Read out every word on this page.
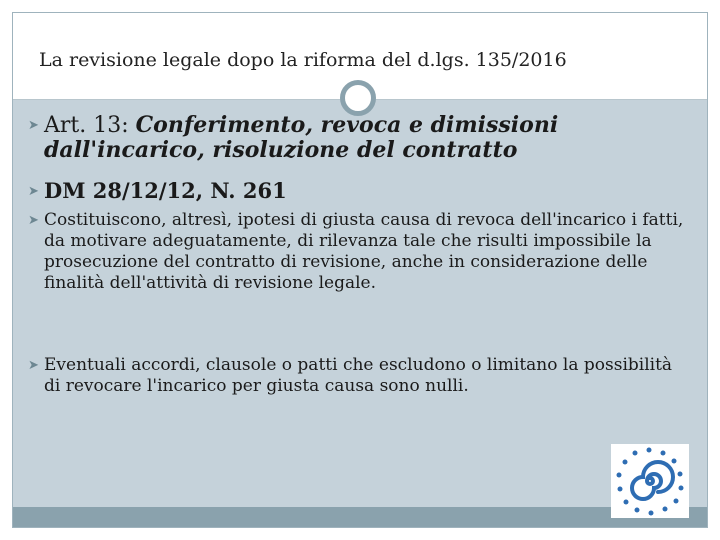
La revisione legale dopo la riforma del d.lgs. 135/2016
➤ Art. 13: Conferimento, revoca e dimissioni dall'incarico, risoluzione del contratto
➤ DM 28/12/12, N. 261
➤ Costituiscono, altresì, ipotesi di giusta causa di revoca dell'incarico i fatti, da motivare adeguatamente, di rilevanza tale che risulti impossibile la prosecuzione del contratto di revisione, anche in considerazione delle finalità dell'attività di revisione legale.
➤ Eventuali accordi, clausole o patti che escludono o limitano la possibilità di revocare l'incarico per giusta causa sono nulli.
